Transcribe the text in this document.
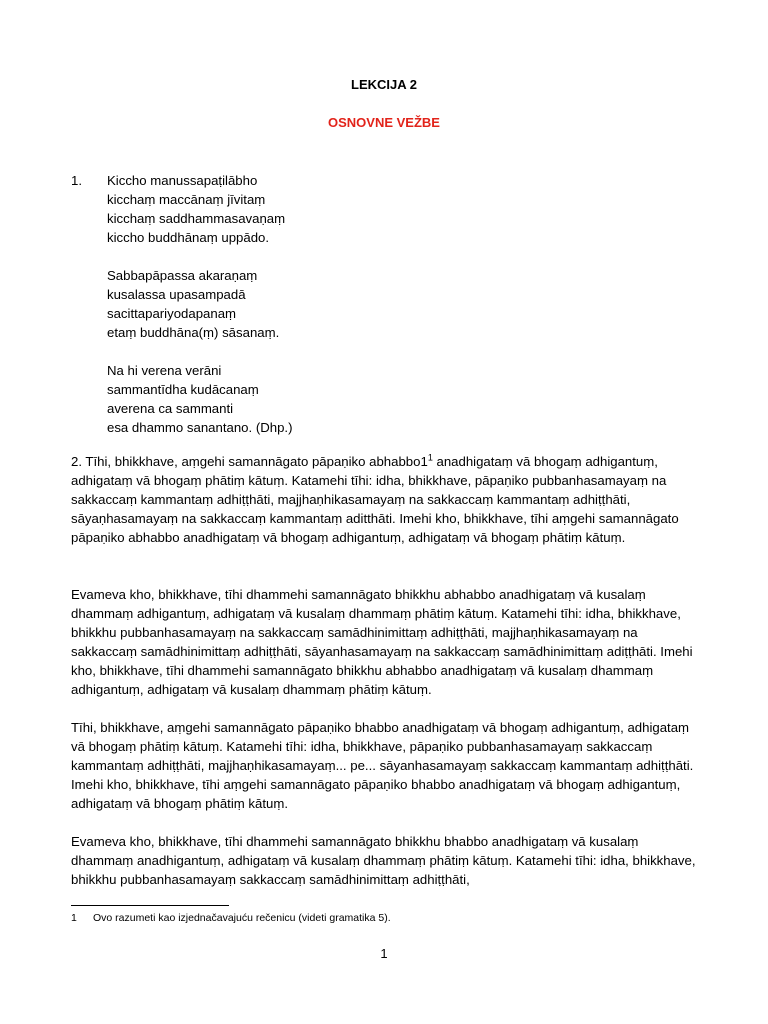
LEKCIJA 2
OSNOVNE VEŽBE
1. Kiccho manussapaṭilābho
kicchaṃ maccānaṃ jīvitaṃ
kicchaṃ saddhammasavaṇaṃ
kiccho buddhānaṃ uppādo.
Sabbapāpassa akaraṇaṃ
kusalassa upasampadā
sacittapariyodapanaṃ
etaṃ buddhāna(ṃ) sāsanaṃ.
Na hi verena verāni
sammantīdha kudācanaṃ
averena ca sammanti
esa dhammo sanantano. (Dhp.)

2. Tīhi, bhikkhave, aṃgehi samannāgato pāpaṇiko abhabbo1$^1$ anadhigataṃ vā bhogaṃ adhigantuṃ, adhigataṃ vā bhogaṃ phātiṃ kātuṃ. Katamehi tīhi: idha, bhikkhave, pāpaṇiko pubbanhasamayaṃ na sakkaccaṃ kammantaṃ adhiṭṭhāti, majjhaṇhikasamayaṃ na sakkaccaṃ kammantaṃ adhiṭṭhāti, sāyaṇhasamayaṃ na sakkaccaṃ kammantaṃ aditthāti. Imehi kho, bhikkhave, tīhi aṃgehi samannāgato pāpaṇiko abhabbo anadhigataṃ vā bhogaṃ adhigantuṃ, adhigataṃ vā bhogaṃ phātiṃ kātuṃ.

Evameva kho, bhikkhave, tīhi dhammehi samannāgato bhikkhu abhabbo anadhigataṃ vā kusalaṃ dhammaṃ adhigantuṃ, adhigataṃ vā kusalaṃ dhammaṃ phātiṃ kātuṃ. Katamehi tīhi: idha, bhikkhave, bhikkhu pubbanhasamayaṃ na sakkaccaṃ samādhinimittaṃ adhiṭṭhāti, majjhaṇhikasamayaṃ na sakkaccaṃ samādhinimittaṃ adhiṭṭhāti, sāyanhasamayaṃ na sakkaccaṃ samādhinimittaṃ adiṭṭhāti. Imehi kho, bhikkhave, tīhi dhammehi samannāgato bhikkhu abhabbo anadhigataṃ vā kusalaṃ dhammaṃ adhigantuṃ, adhigataṃ vā kusalaṃ dhammaṃ phātiṃ kātuṃ.

Tīhi, bhikkhave, aṃgehi samannāgato pāpaṇiko bhabbo anadhigataṃ vā bhogaṃ adhigantuṃ, adhigataṃ vā bhogaṃ phātiṃ kātuṃ. Katamehi tīhi: idha, bhikkhave, pāpaṇiko pubbanhasamayaṃ sakkaccaṃ kammantaṃ adhiṭṭhāti, majjhaṇhikasamayaṃ... pe... sāyanhasamayaṃ sakkaccaṃ kammantaṃ adhiṭṭhāti. Imehi kho, bhikkhave, tīhi aṃgehi samannāgato pāpaṇiko bhabbo anadhigataṃ vā bhogaṃ adhigantuṃ, adhigataṃ vā bhogaṃ phātiṃ kātuṃ.

Evameva kho, bhikkhave, tīhi dhammehi samannāgato bhikkhu bhabbo anadhigataṃ vā kusalaṃ dhammaṃ anadhigantuṃ, adhigataṃ vā kusalaṃ dhammaṃ phātiṃ kātuṃ. Katamehi tīhi: idha, bhikkhave, bhikkhu pubbanhasamayaṃ sakkaccaṃ samādhinimittaṃ adhiṭṭhāti,

1 Ovo razumeti kao izjednačavajuću rečenicu (videti gramatika 5).
1
